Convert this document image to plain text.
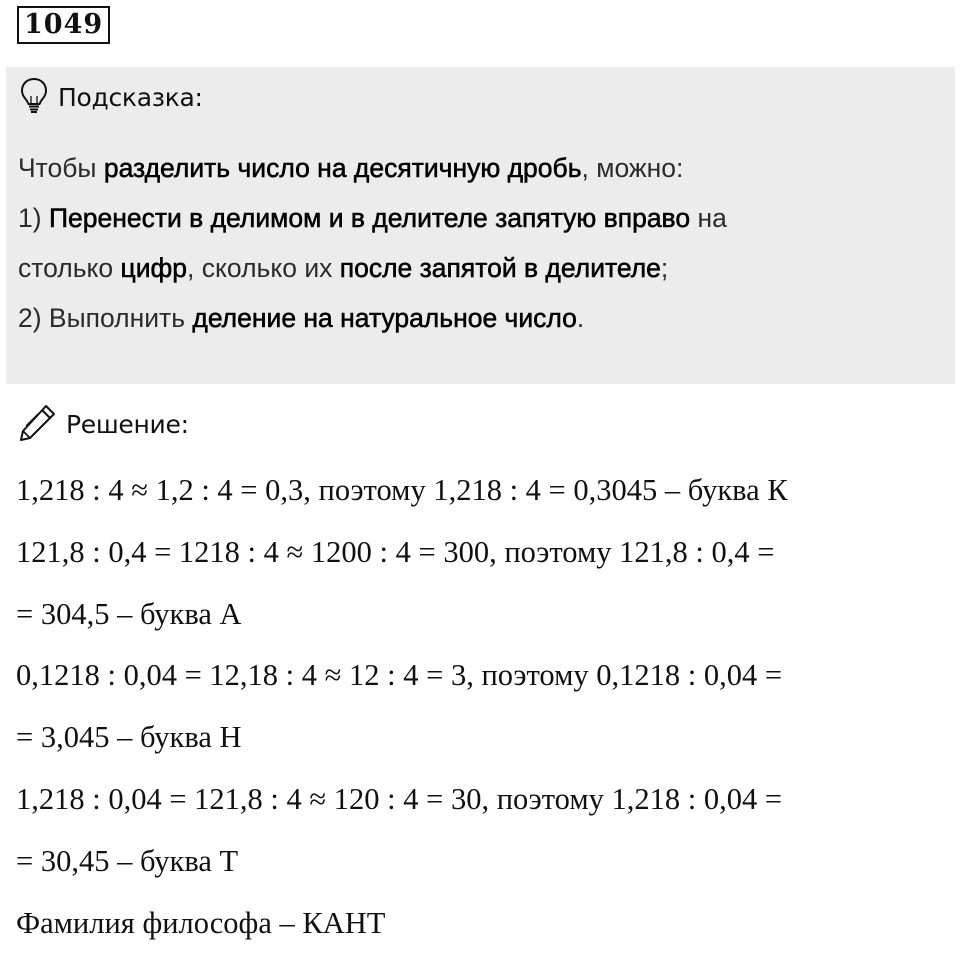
1049
Подсказка:
Чтобы разделить число на десятичную дробь, можно:
1) Перенести в делимом и в делителе запятую вправо на
столько цифр, сколько их после запятой в делителе;
2) Выполнить деление на натуральное число.
Решение:
1,218 : 4 ≈ 1,2 : 4 = 0,3, поэтому 1,218 : 4 = 0,3045 – буква К
121,8 : 0,4 = 1218 : 4 ≈ 1200 : 4 = 300, поэтому 121,8 : 0,4 =
= 304,5 – буква А
0,1218 : 0,04 = 12,18 : 4 ≈ 12 : 4 = 3, поэтому 0,1218 : 0,04 =
= 3,045 – буква Н
1,218 : 0,04 = 121,8 : 4 ≈ 120 : 4 = 30, поэтому 1,218 : 0,04 =
= 30,45 – буква Т
Фамилия философа – КАНТ
